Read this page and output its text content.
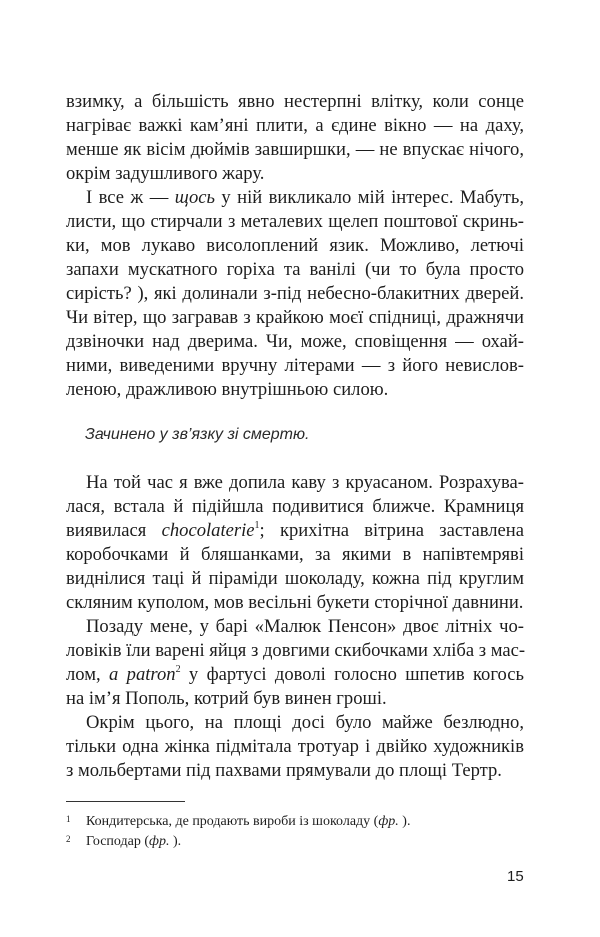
взимку, а більшість явно нестерпні влітку, коли сонце
нагріває важкі кам’яні плити, а єдине вікно — на даху,
менше як вісім дюймів завширшки, — не впускає нічого,
окрім задушливого жару.
І все ж — щось у ній викликало мій інтерес. Мабуть,
листи, що стирчали з металевих щелеп поштової скринь-
ки, мов лукаво висолоплений язик. Можливо, летючі
запахи мускатного горіха та ванілі (чи то була просто
сирість? ), які долинали з-під небесно-блакитних дверей.
Чи вітер, що загравав з крайкою моєї спідниці, дражнячи
дзвіночки над дверима. Чи, може, сповіщення — охай-
ними, виведеними вручну літерами — з його невислов-
леною, дражливою внутрішньою силою.
Зачинено у зв’язку зі смертю.
На той час я вже допила каву з круасаном. Розрахува-
лася, встала й підійшла подивитися ближче. Крамниця
виявилася chocolaterie$^1$; крихітна вітрина заставлена
коробочками й бляшанками, за якими в напівтемряві
виднілися таці й піраміди шоколаду, кожна під круглим
скляним куполом, мов весільні букети сторічної давнини.
Позаду мене, у барі «Малюк Пенсон» двоє літніх чо-
ловіків їли варені яйця з довгими скибочками хліба з мас-
лом, а patron$^2$ у фартусі доволі голосно шпетив когось
на ім’я Пополь, котрий був винен гроші.
Окрім цього, на площі досі було майже безлюдно,
тільки одна жінка підмітала тротуар і двійко художників
з мольбертами під пахвами прямували до площі Тертр.
1 Кондитерська, де продають вироби із шоколаду (фр. ).
2 Господар (фр. ).
15
